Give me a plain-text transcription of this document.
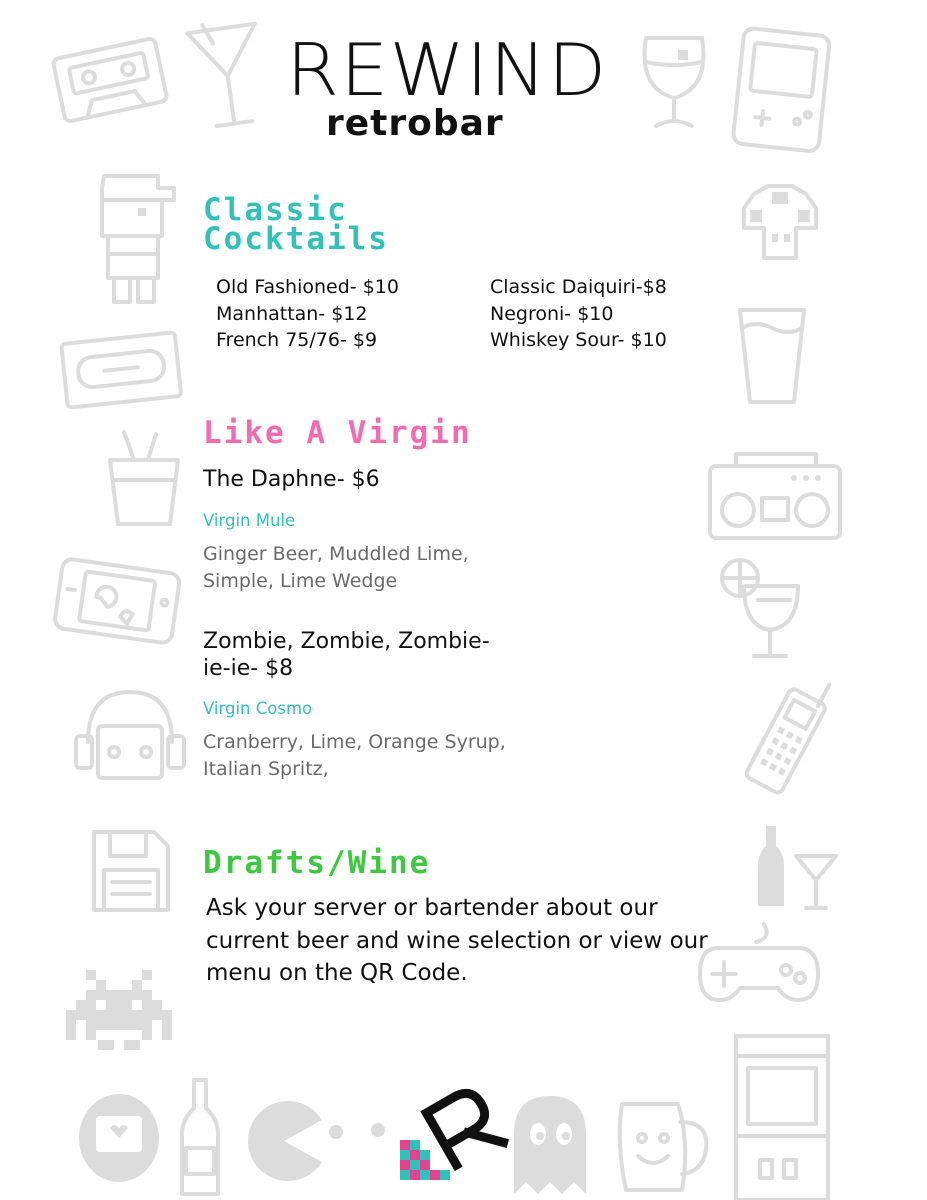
REWIND
retrobar
Classic Cocktails
Old Fashioned- $10
Manhattan- $12
French 75/76- $9
Classic Daiquiri-$8
Negroni- $10
Whiskey Sour- $10
Like A Virgin
The Daphne- $6
Virgin Mule
Ginger Beer, Muddled Lime, Simple, Lime Wedge
Zombie, Zombie, Zombie-ie-ie- $8
Virgin Cosmo
Cranberry, Lime, Orange Syrup, Italian Spritz,
Drafts/Wine
Ask your server or bartender about our current beer and wine selection or view our menu on the QR Code.
